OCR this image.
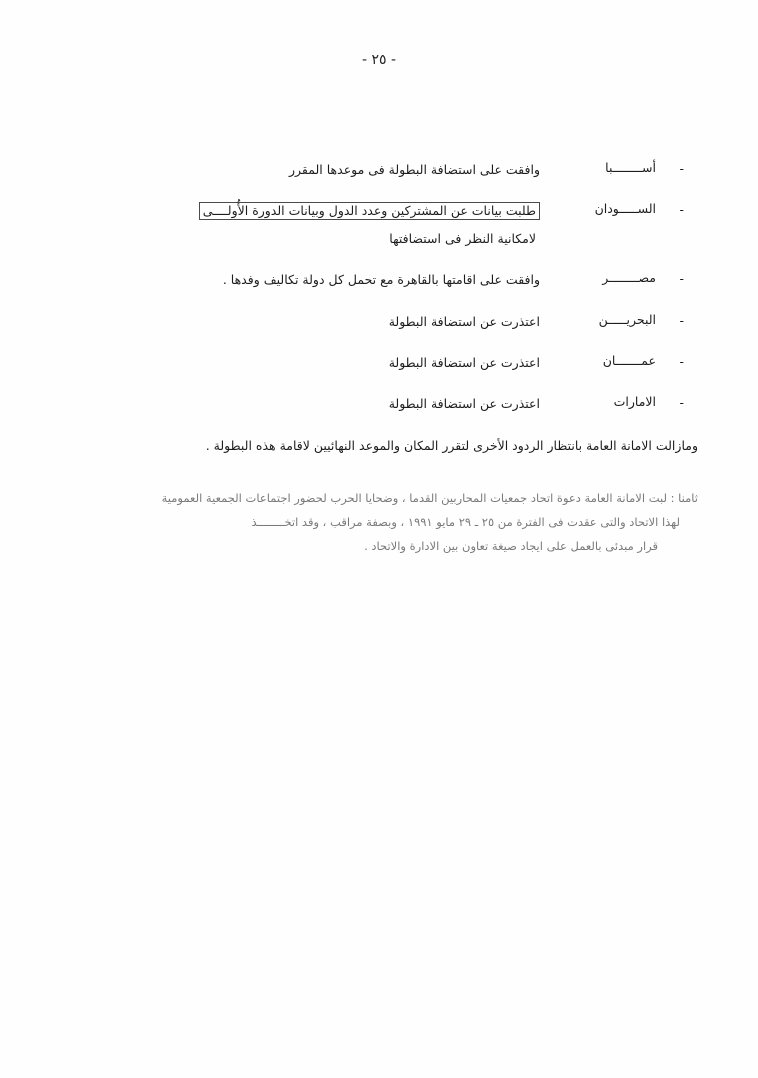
- ٢٥ -
-
أســــــــبا
وافقت على استضافة البطولة فى موعدها المقرر
-
الســـــودان
طلبت بيانات عن المشتركين وعدد الدول وبيانات الدورة الأُولــــى
لامكانية النظر فى استضافتها
-
مصــــــــر
وافقت على اقامتها بالقاهرة مع تحمل كل دولة تكاليف وفدها .
-
البحريـــــن
اعتذرت عن استضافة البطولة
-
عمـــــــان
اعتذرت عن استضافة البطولة
-
الامارات
اعتذرت عن استضافة البطولة
ومازالت الامانة العامة بانتظار الردود الأخرى لتقرر المكان والموعد النهائيين لاقامة هذه البطولة .
ثامنا : لبت الامانة العامة دعوة اتحاد جمعيات المحاربين القدما ، وضحايا الحرب لحضور اجتماعات الجمعية العمومية
لهذا الاتحاد والتى عقدت فى الفترة من ٢٥ ـ ٢٩ مايو ١٩٩١ ، وبصفة مراقب ، وقد اتخــــــــذ
قرار مبدئى بالعمل على ايجاد صيغة تعاون بين الادارة والاتحاد .
